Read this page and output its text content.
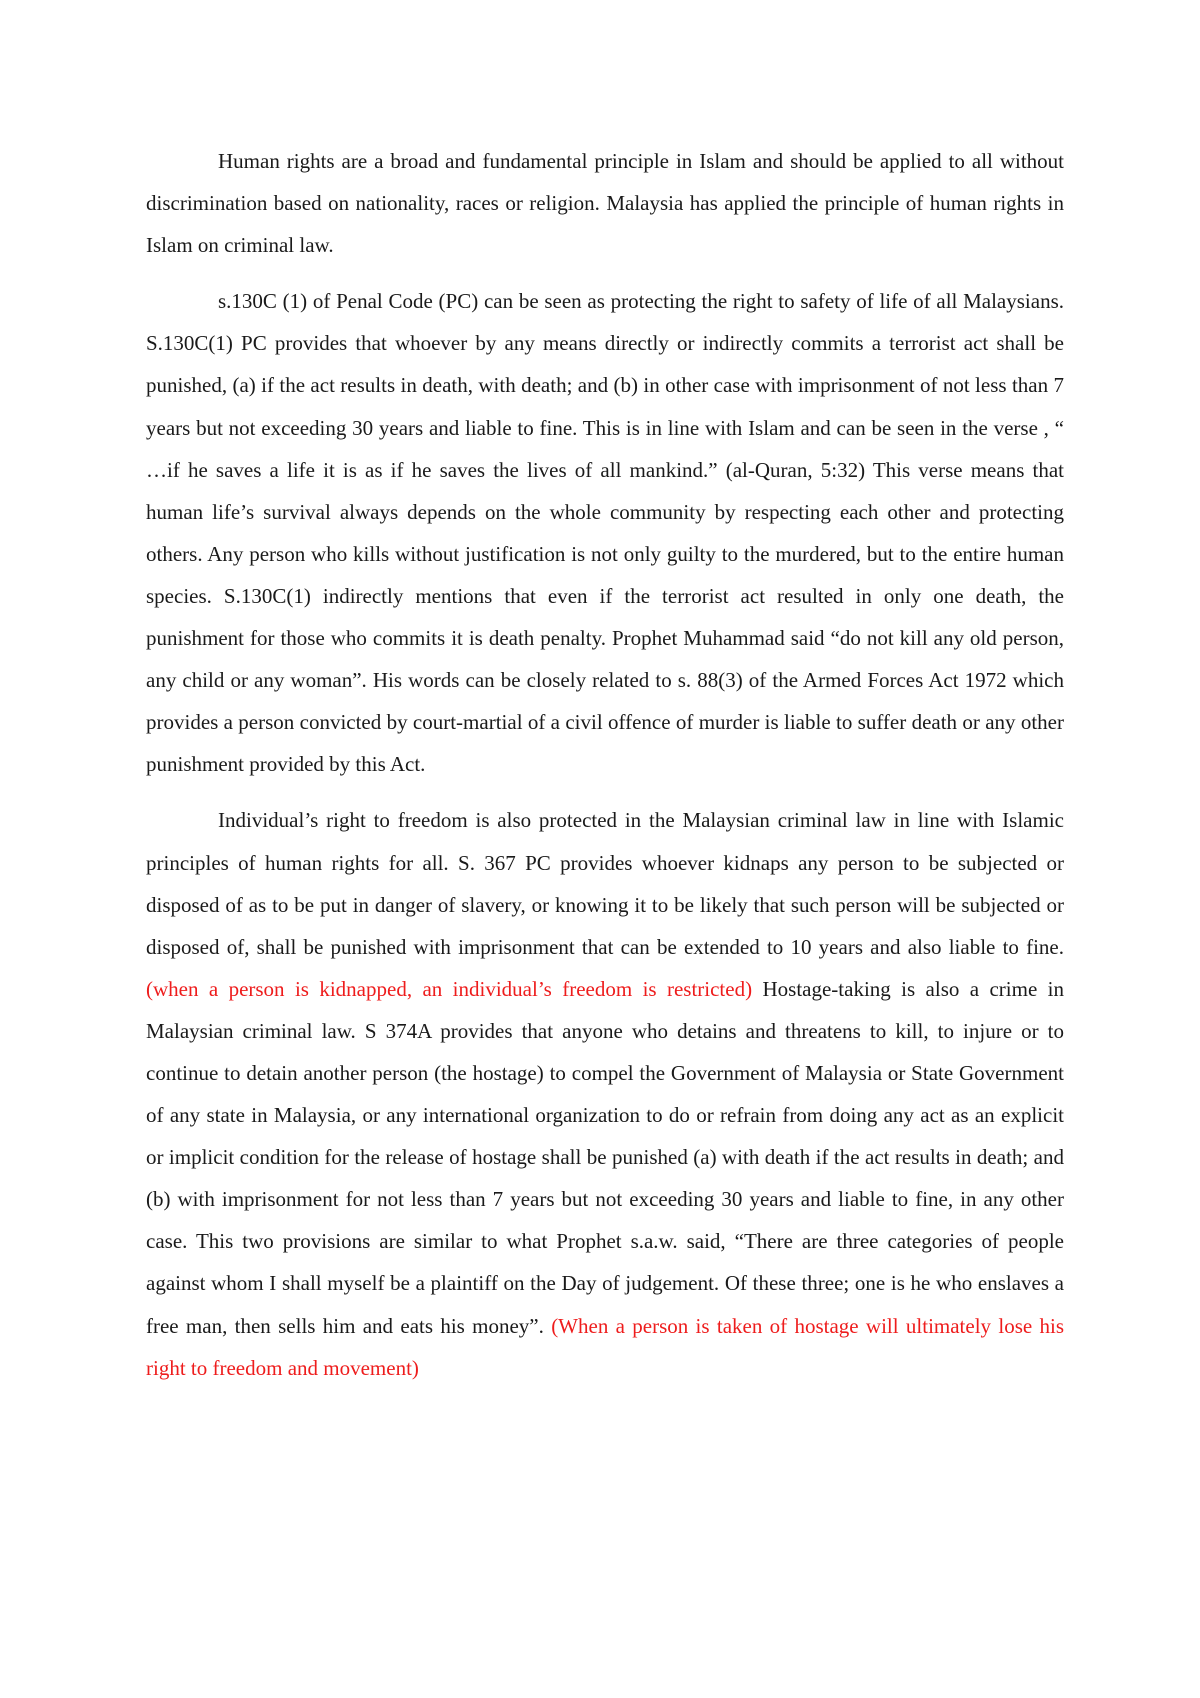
Human rights are a broad and fundamental principle in Islam and should be applied to all without discrimination based on nationality, races or religion. Malaysia has applied the principle of human rights in Islam on criminal law.

s.130C (1) of Penal Code (PC) can be seen as protecting the right to safety of life of all Malaysians. S.130C(1) PC provides that whoever by any means directly or indirectly commits a terrorist act shall be punished, (a) if the act results in death, with death; and (b) in other case with imprisonment of not less than 7 years but not exceeding 30 years and liable to fine. This is in line with Islam and can be seen in the verse , “ …if he saves a life it is as if he saves the lives of all mankind.” (al-Quran, 5:32) This verse means that human life’s survival always depends on the whole community by respecting each other and protecting others. Any person who kills without justification is not only guilty to the murdered, but to the entire human species. S.130C(1) indirectly mentions that even if the terrorist act resulted in only one death, the punishment for those who commits it is death penalty. Prophet Muhammad said “do not kill any old person, any child or any woman”. His words can be closely related to s. 88(3) of the Armed Forces Act 1972 which provides a person convicted by court-martial of a civil offence of murder is liable to suffer death or any other punishment provided by this Act.

Individual’s right to freedom is also protected in the Malaysian criminal law in line with Islamic principles of human rights for all. S. 367 PC provides whoever kidnaps any person to be subjected or disposed of as to be put in danger of slavery, or knowing it to be likely that such person will be subjected or disposed of, shall be punished with imprisonment that can be extended to 10 years and also liable to fine.(when a person is kidnapped, an individual’s freedom is restricted) Hostage-taking is also a crime in Malaysian criminal law. S 374A provides that anyone who detains and threatens to kill, to injure or to continue to detain another person (the hostage) to compel the Government of Malaysia or State Government of any state in Malaysia, or any international organization to do or refrain from doing any act as an explicit or implicit condition for the release of hostage shall be punished (a) with death if the act results in death; and (b) with imprisonment for not less than 7 years but not exceeding 30 years and liable to fine, in any other case. This two provisions are similar to what Prophet s.a.w. said, “There are three categories of people against whom I shall myself be a plaintiff on the Day of judgement. Of these three; one is he who enslaves a free man, then sells him and eats his money”. (When a person is taken of hostage will ultimately lose his right to freedom and movement)
